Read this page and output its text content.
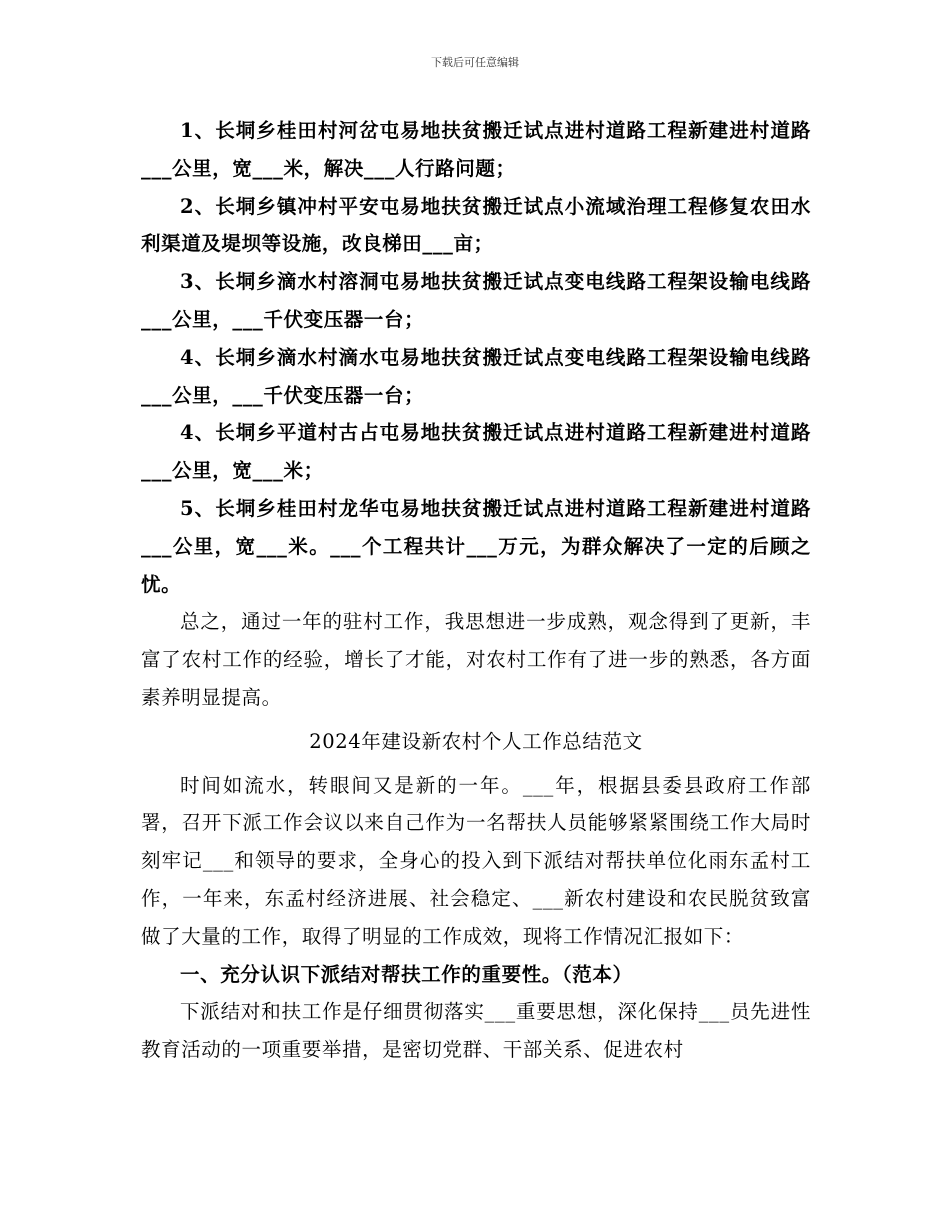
下载后可任意编辑

1、长垌乡桂田村河岔屯易地扶贫搬迁试点进村道路工程新建进村道路___公里，宽___米，解决___人行路问题；

2、长垌乡镇冲村平安屯易地扶贫搬迁试点小流域治理工程修复农田水利渠道及堤坝等设施，改良梯田___亩；

3、长垌乡滴水村溶洞屯易地扶贫搬迁试点变电线路工程架设输电线路___公里，___千伏变压器一台；

4、长垌乡滴水村滴水屯易地扶贫搬迁试点变电线路工程架设输电线路___公里，___千伏变压器一台；

4、长垌乡平道村古占屯易地扶贫搬迁试点进村道路工程新建进村道路___公里，宽___米；

5、长垌乡桂田村龙华屯易地扶贫搬迁试点进村道路工程新建进村道路___公里，宽___米。___个工程共计___万元，为群众解决了一定的后顾之忧。

总之，通过一年的驻村工作，我思想进一步成熟，观念得到了更新，丰富了农村工作的经验，增长了才能，对农村工作有了进一步的熟悉，各方面素养明显提高。

2024年建设新农村个人工作总结范文

时间如流水，转眼间又是新的一年。___年，根据县委县政府工作部署，召开下派工作会议以来自己作为一名帮扶人员能够紧紧围绕工作大局时刻牢记___和领导的要求，全身心的投入到下派结对帮扶单位化雨东孟村工作，一年来，东孟村经济进展、社会稳定、___新农村建设和农民脱贫致富做了大量的工作，取得了明显的工作成效，现将工作情况汇报如下：

一、充分认识下派结对帮扶工作的重要性。（范本）

下派结对和扶工作是仔细贯彻落实___重要思想，深化保持___员先进性教育活动的一项重要举措，是密切党群、干部关系、促进农村
